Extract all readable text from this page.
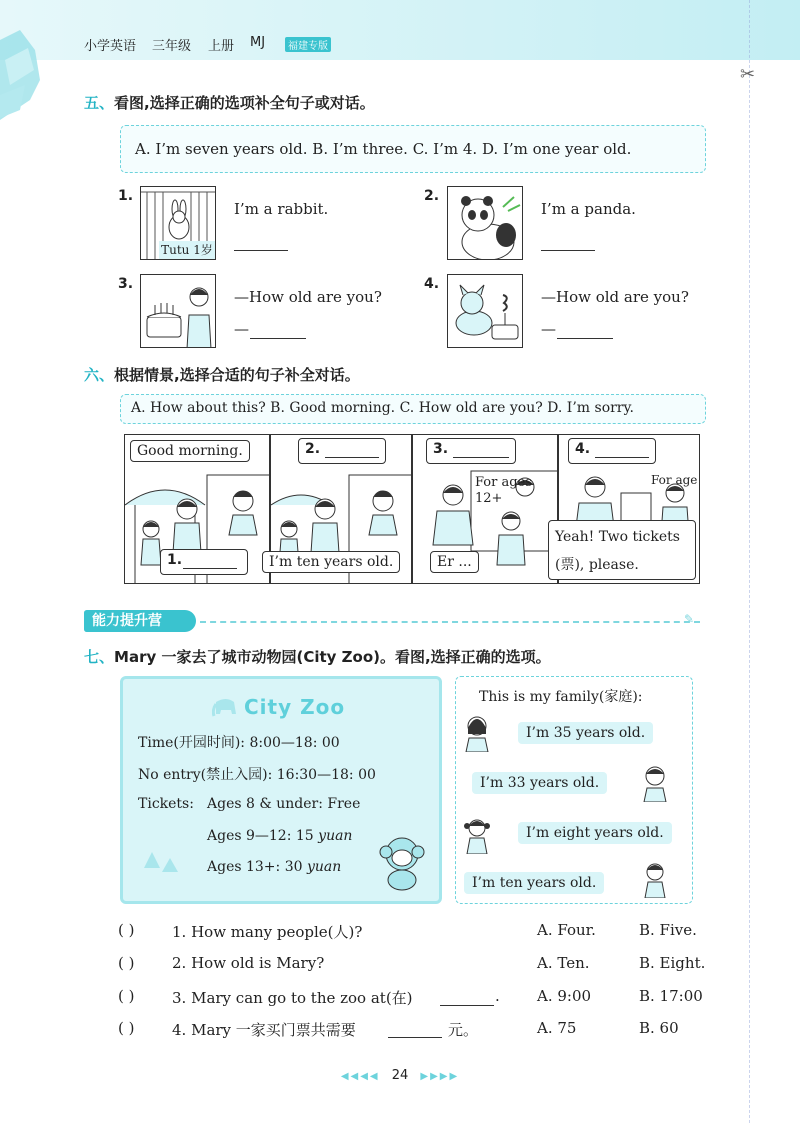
小学英语 三年级 上册 MJ	福建专版
✂
五、看图,选择正确的选项补全句子或对话。
A. I’m seven years old. B. I’m three. C. I’m 4. D. I’m one year old.
1.
Tutu 1岁
I’m a rabbit.
2.
I’m a panda.
3.
—How old are you?
—
4.
—How old are you?
—
六、根据情景,选择合适的句子补全对话。
A. How about this? B. Good morning. C. How old are you? D. I’m sorry.
Good morning.
1.
2.
I’m ten years old.
For ages
12+
3.
Er ...
For age
4.
Yeah! Two tickets
(票), please.
能力提升营	✎
七、Mary 一家去了城市动物园(City Zoo)。看图,选择正确的选项。
City Zoo
Time(开园时间): 8:00—18: 00
No entry(禁止入园): 16:30—18: 00
Tickets: Ages 8 & under: Free
Ages 9—12: 15 yuan
Ages 13+: 30 yuan
This is my family(家庭):
I’m 35 years old.
I’m 33 years old.
I’m eight years old.
I’m ten years old.
( )	1. How many people(人)?	A. Four.	B. Five.
( )	2. How old is Mary?	A. Ten.	B. Eight.
( )	3. Mary can go to the zoo at(在)	. A. 9:00	B. 17:00
( )	4. Mary 一家买门票共需要	元。	A. 75	B. 60
◀◀◀◀ 24 ▶▶▶▶
